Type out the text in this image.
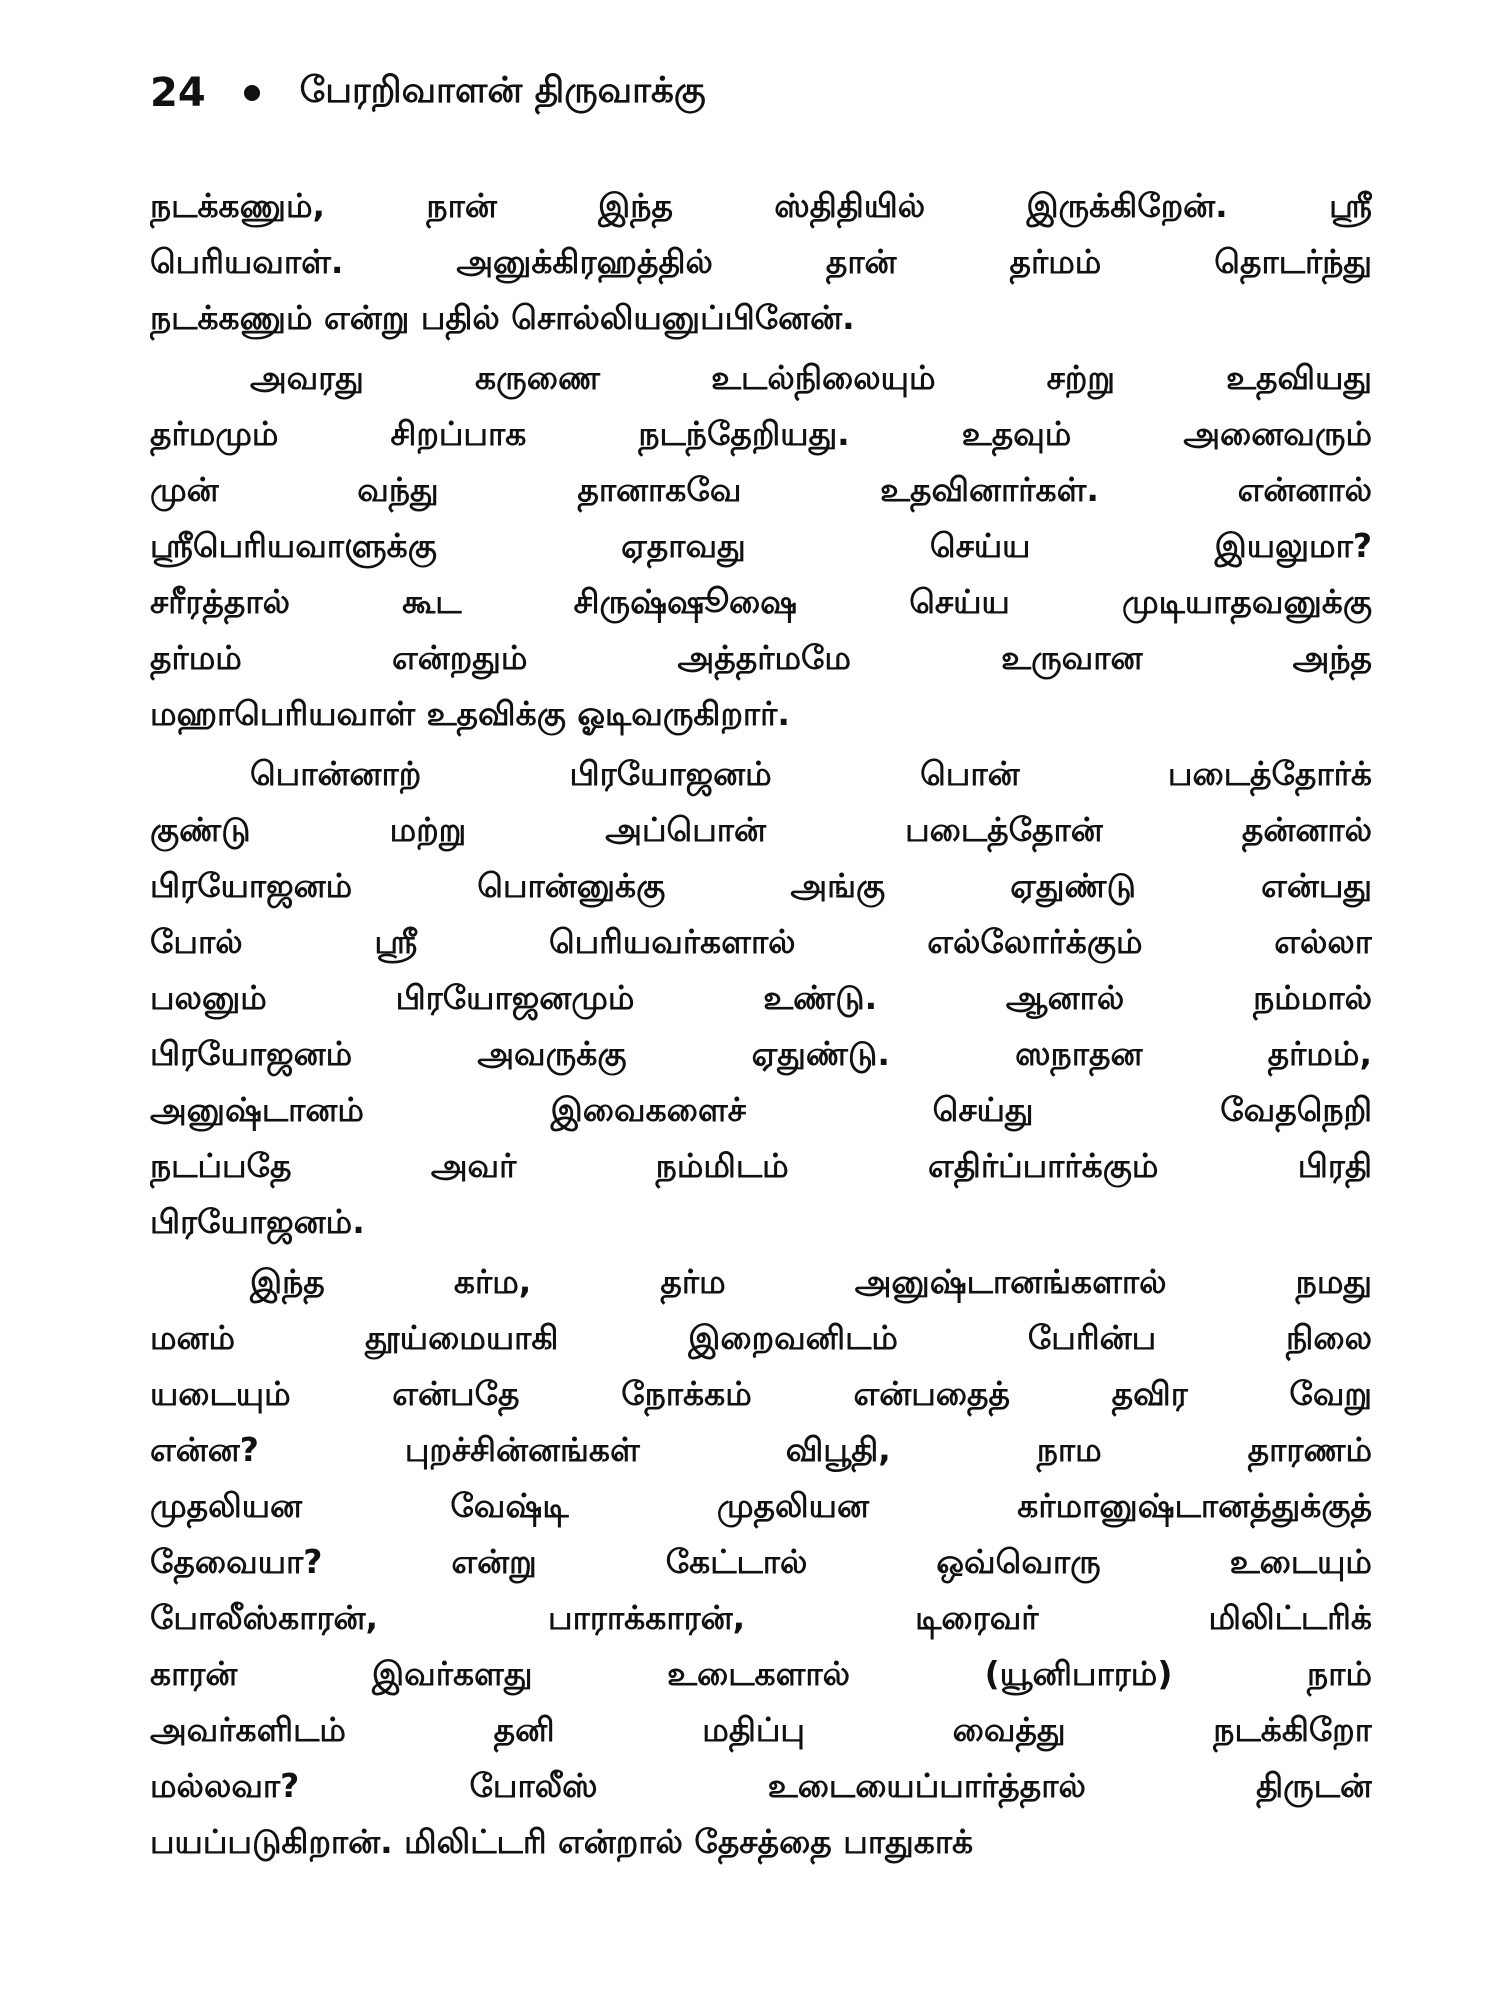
24	பேரறிவாளன் திருவாக்கு
நடக்கணும், நான் இந்த ஸ்திதியில் இருக்கிறேன். ஸ்ரீ
பெரியவாள். அனுக்கிரஹத்தில் தான் தர்மம் தொடர்ந்து
நடக்கணும் என்று பதில் சொல்லியனுப்பினேன்.
அவரது கருணை உடல்நிலையும் சற்று உதவியது
தர்மமும் சிறப்பாக நடந்தேறியது. உதவும் அனைவரும்
முன் வந்து தானாகவே உதவினார்கள். என்னால்
ஸ்ரீபெரியவாளுக்கு ஏதாவது செய்ய இயலுமா?
சரீரத்தால் கூட சிருஷ்ஷூஷை செய்ய முடியாதவனுக்கு
தர்மம் என்றதும் அத்தர்மமே உருவான அந்த
மஹாபெரியவாள் உதவிக்கு ஓடிவருகிறார்.
பொன்னாற் பிரயோஜனம் பொன் படைத்தோர்க்
குண்டு மற்று அப்பொன் படைத்தோன் தன்னால்
பிரயோஜனம் பொன்னுக்கு அங்கு ஏதுண்டு என்பது
போல் ஸ்ரீ பெரியவர்களால் எல்லோர்க்கும் எல்லா
பலனும் பிரயோஜனமும் உண்டு. ஆனால் நம்மால்
பிரயோஜனம் அவருக்கு ஏதுண்டு. ஸநாதன தர்மம்,
அனுஷ்டானம் இவைகளைச் செய்து வேதநெறி
நடப்பதே அவர் நம்மிடம் எதிர்ப்பார்க்கும் பிரதி
பிரயோஜனம்.
இந்த கர்ம, தர்ம அனுஷ்டானங்களால் நமது
மனம் தூய்மையாகி இறைவனிடம் பேரின்ப நிலை
யடையும் என்பதே நோக்கம் என்பதைத் தவிர வேறு
என்ன? புறச்சின்னங்கள் விபூதி, நாம தாரணம்
முதலியன வேஷ்டி முதலியன கர்மானுஷ்டானத்துக்குத்
தேவையா? என்று கேட்டால் ஒவ்வொரு உடையும்
போலீஸ்காரன், பாராக்காரன், டிரைவர் மிலிட்டரிக்
காரன் இவர்களது உடைகளால் (யூனிபாரம்) நாம்
அவர்களிடம் தனி மதிப்பு வைத்து நடக்கிறோ
மல்லவா? போலீஸ் உடையைப்பார்த்தால் திருடன்
பயப்படுகிறான். மிலிட்டரி என்றால் தேசத்தை பாதுகாக்
